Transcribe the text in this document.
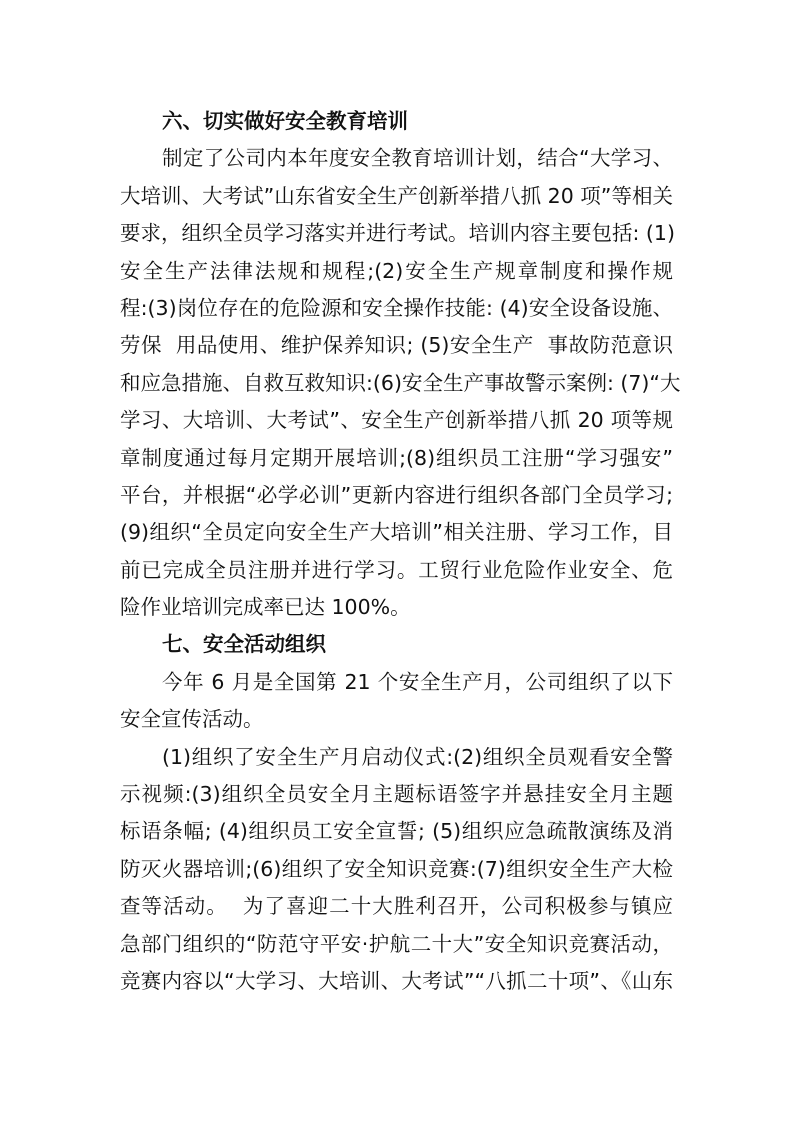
六、切实做好安全教育培训
制定了公司内本年度安全教育培训计划，结合“大学习、
大培训、大考试”山东省安全生产创新举措八抓 20 项”等相关
要求，组织全员学习落实并进行考试。培训内容主要包括: (1)
安全生产法律法规和规程;(2)安全生产规章制度和操作规
程:(3)岗位存在的危险源和安全操作技能: (4)安全设备设施、
劳保  用品使用、维护保养知识; (5)安全生产  事故防范意识
和应急措施、自救互救知识:(6)安全生产事故警示案例: (7)“大
学习、大培训、大考试”、安全生产创新举措八抓 20 项等规
章制度通过每月定期开展培训;(8)组织员工注册“学习强安”
平台，并根据“必学必训”更新内容进行组织各部门全员学习;
(9)组织“全员定向安全生产大培训”相关注册、学习工作，目
前已完成全员注册并进行学习。工贸行业危险作业安全、危
险作业培训完成率已达 100%。
七、安全活动组织
今年 6 月是全国第 21 个安全生产月，公司组织了以下
安全宣传活动。
(1)组织了安全生产月启动仪式:(2)组织全员观看安全警
示视频:(3)组织全员安全月主题标语签字并悬挂安全月主题
标语条幅; (4)组织员工安全宣誓; (5)组织应急疏散演练及消
防灭火器培训;(6)组织了安全知识竞赛:(7)组织安全生产大检
查等活动。  为了喜迎二十大胜利召开，公司积极参与镇应
急部门组织的“防范守平安·护航二十大”安全知识竞赛活动，
竞赛内容以“大学习、大培训、大考试”“八抓二十项”、《山东
